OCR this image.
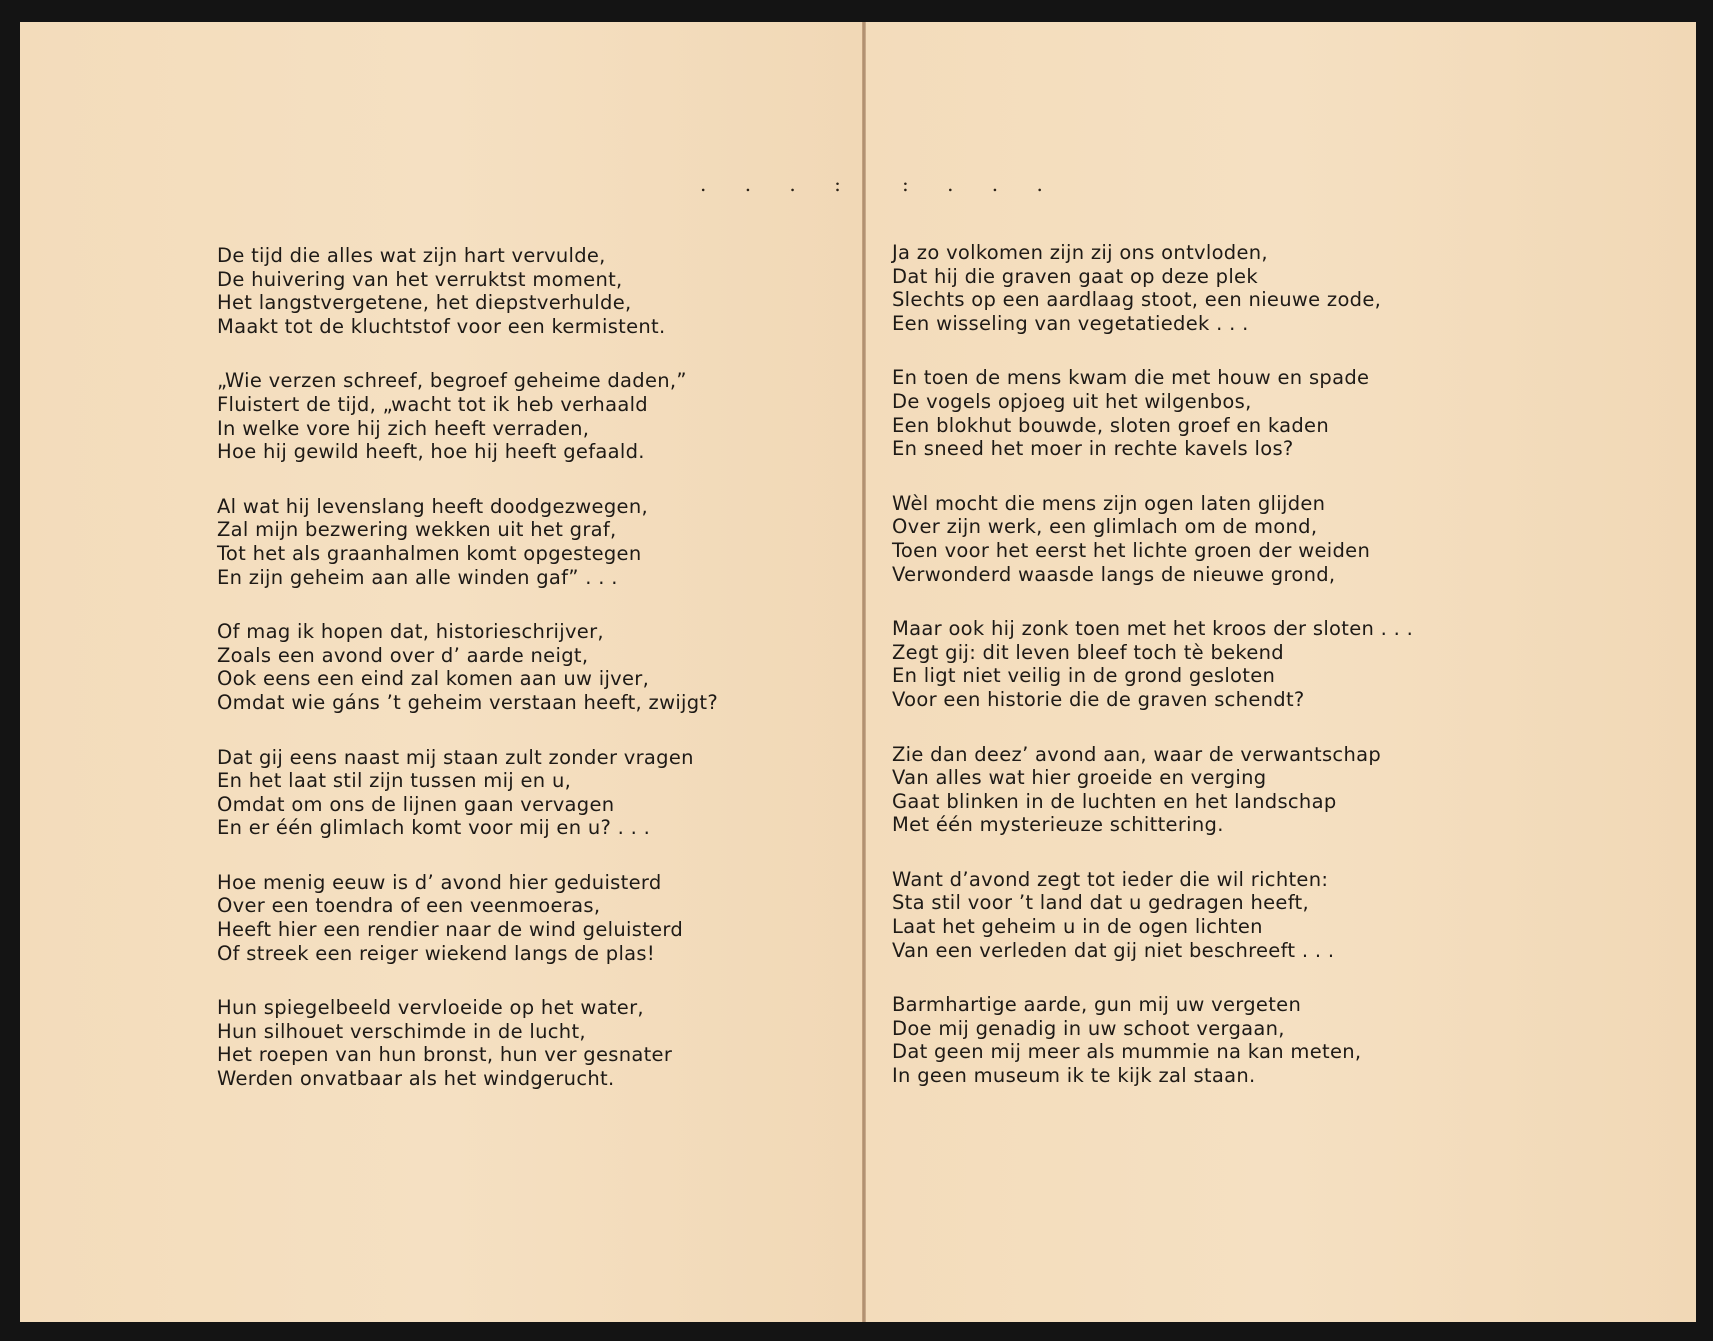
. . . : : . . .
De tijd die alles wat zijn hart vervulde,
De huivering van het verruktst moment,
Het langstvergetene, het diepstverhulde,
Maakt tot de kluchtstof voor een kermistent.
„Wie verzen schreef, begroef geheime daden,”
Fluistert de tijd, „wacht tot ik heb verhaald
In welke vore hij zich heeft verraden,
Hoe hij gewild heeft, hoe hij heeft gefaald.
Al wat hij levenslang heeft doodgezwegen,
Zal mijn bezwering wekken uit het graf,
Tot het als graanhalmen komt opgestegen
En zijn geheim aan alle winden gaf” . . .
Of mag ik hopen dat, historieschrijver,
Zoals een avond over d’ aarde neigt,
Ook eens een eind zal komen aan uw ijver,
Omdat wie gáns ’t geheim verstaan heeft, zwijgt?
Dat gij eens naast mij staan zult zonder vragen
En het laat stil zijn tussen mij en u,
Omdat om ons de lijnen gaan vervagen
En er één glimlach komt voor mij en u? . . .
Hoe menig eeuw is d’ avond hier geduisterd
Over een toendra of een veenmoeras,
Heeft hier een rendier naar de wind geluisterd
Of streek een reiger wiekend langs de plas!
Hun spiegelbeeld vervloeide op het water,
Hun silhouet verschimde in de lucht,
Het roepen van hun bronst, hun ver gesnater
Werden onvatbaar als het windgerucht.
Ja zo volkomen zijn zij ons ontvloden,
Dat hij die graven gaat op deze plek
Slechts op een aardlaag stoot, een nieuwe zode,
Een wisseling van vegetatiedek . . .
En toen de mens kwam die met houw en spade
De vogels opjoeg uit het wilgenbos,
Een blokhut bouwde, sloten groef en kaden
En sneed het moer in rechte kavels los?
Wèl mocht die mens zijn ogen laten glijden
Over zijn werk, een glimlach om de mond,
Toen voor het eerst het lichte groen der weiden
Verwonderd waasde langs de nieuwe grond,
Maar ook hij zonk toen met het kroos der sloten . . .
Zegt gij: dit leven bleef toch tè bekend
En ligt niet veilig in de grond gesloten
Voor een historie die de graven schendt?
Zie dan deez’ avond aan, waar de verwantschap
Van alles wat hier groeide en verging
Gaat blinken in de luchten en het landschap
Met één mysterieuze schittering.
Want d’avond zegt tot ieder die wil richten:
Sta stil voor ’t land dat u gedragen heeft,
Laat het geheim u in de ogen lichten
Van een verleden dat gij niet beschreeft . . .
Barmhartige aarde, gun mij uw vergeten
Doe mij genadig in uw schoot vergaan,
Dat geen mij meer als mummie na kan meten,
In geen museum ik te kijk zal staan.
